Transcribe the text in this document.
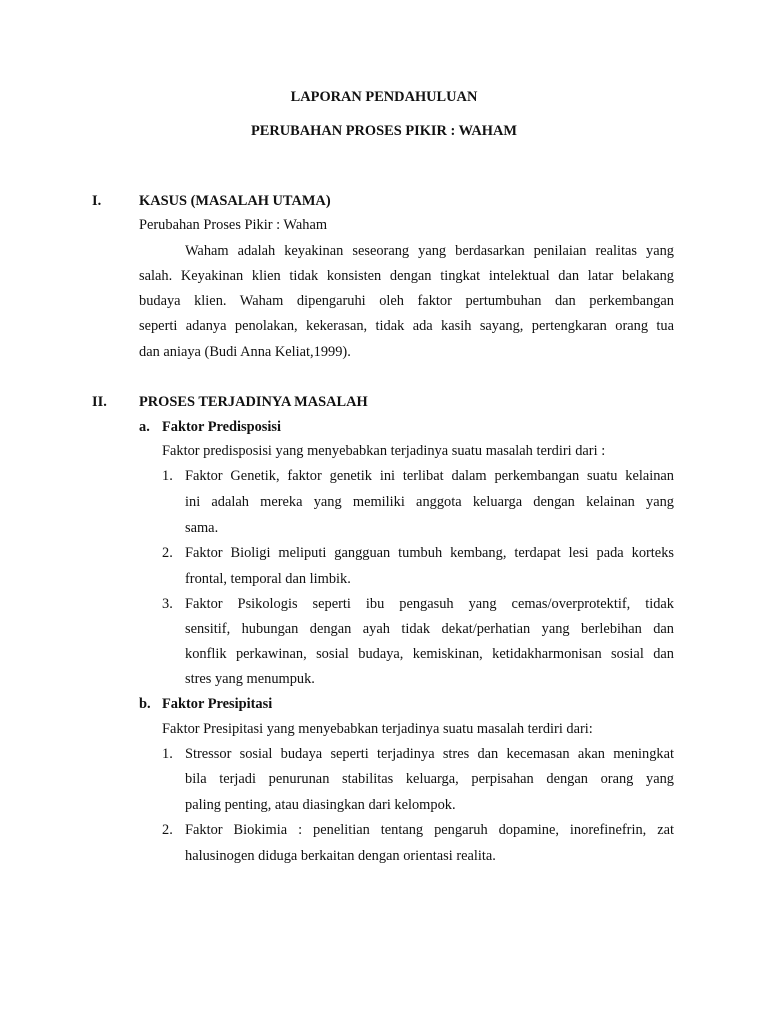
LAPORAN PENDAHULUAN
PERUBAHAN PROSES PIKIR : WAHAM
I.	KASUS (MASALAH UTAMA)
Perubahan Proses Pikir : Waham
Waham adalah keyakinan seseorang yang berdasarkan penilaian realitas yang
salah. Keyakinan klien tidak konsisten dengan tingkat intelektual dan latar belakang
budaya klien. Waham dipengaruhi oleh faktor pertumbuhan dan perkembangan
seperti adanya penolakan, kekerasan, tidak ada kasih sayang, pertengkaran orang tua
dan aniaya (Budi Anna Keliat,1999).
II. PROSES TERJADINYA MASALAH
a. Faktor Predisposisi
Faktor predisposisi yang menyebabkan terjadinya suatu masalah terdiri dari :
1. Faktor Genetik, faktor genetik ini terlibat dalam perkembangan suatu kelainan
ini adalah mereka yang memiliki anggota keluarga dengan kelainan yang
sama.
2. Faktor Bioligi meliputi gangguan tumbuh kembang, terdapat lesi pada korteks
frontal, temporal dan limbik.
3. Faktor Psikologis seperti ibu pengasuh yang cemas/overprotektif, tidak
sensitif, hubungan dengan ayah tidak dekat/perhatian yang berlebihan dan
konflik perkawinan, sosial budaya, kemiskinan, ketidakharmonisan sosial dan
stres yang menumpuk.
b. Faktor Presipitasi
Faktor Presipitasi yang menyebabkan terjadinya suatu masalah terdiri dari:
1. Stressor sosial budaya seperti terjadinya stres dan kecemasan akan meningkat
bila terjadi penurunan stabilitas keluarga, perpisahan dengan orang yang
paling penting, atau diasingkan dari kelompok.
2. Faktor Biokimia : penelitian tentang pengaruh dopamine, inorefinefrin, zat
halusinogen diduga berkaitan dengan orientasi realita.
